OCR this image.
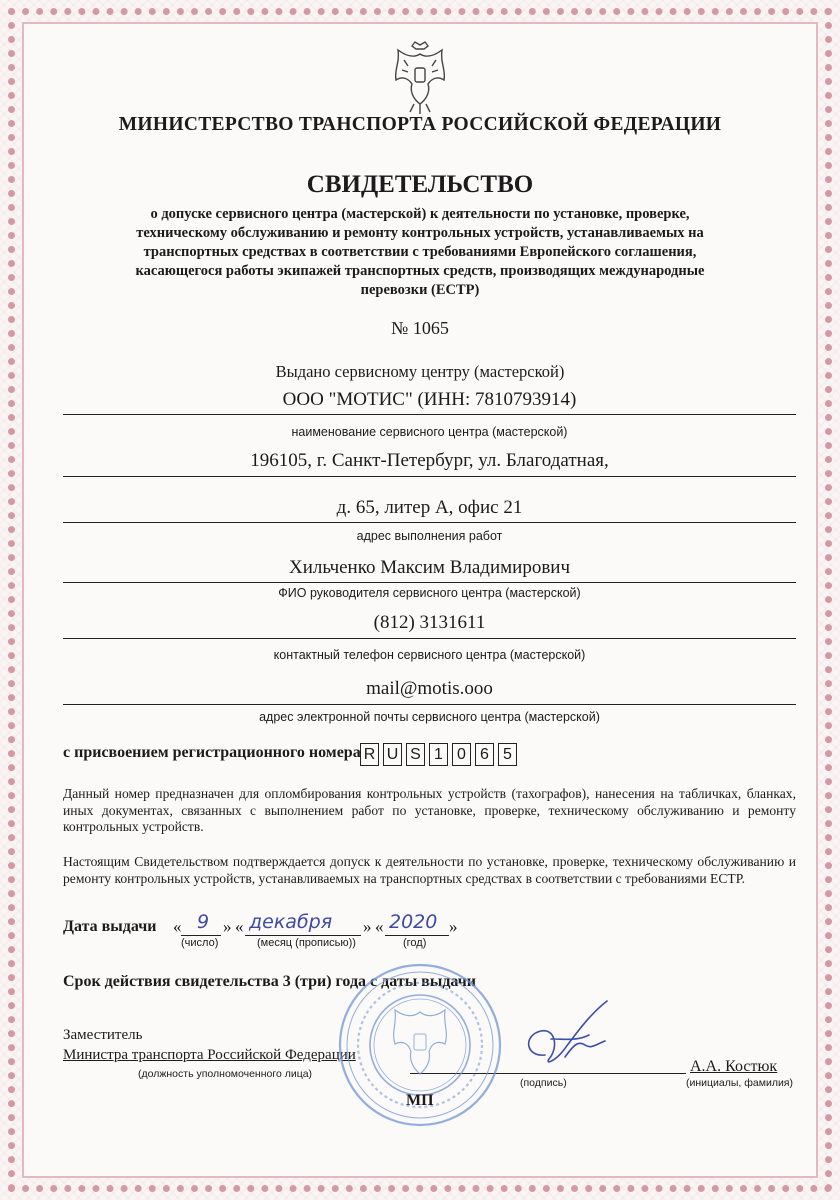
МИНИСТЕРСТВО ТРАНСПОРТА РОССИЙСКОЙ ФЕДЕРАЦИИ
СВИДЕТЕЛЬСТВО
о допуске сервисного центра (мастерской) к деятельности по установке, проверке,
техническому обслуживанию и ремонту контрольных устройств, устанавливаемых на
транспортных средствах в соответствии с требованиями Европейского соглашения,
касающегося работы экипажей транспортных средств, производящих международные
перевозки (ЕСТР)
№ 1065
Выдано сервисному центру (мастерской)
ООО "МОТИС" (ИНН: 7810793914)
наименование сервисного центра (мастерской)
196105, г. Санкт-Петербург, ул. Благодатная,
д. 65, литер А, офис 21
адрес выполнения работ
Хильченко Максим Владимирович
ФИО руководителя сервисного центра (мастерской)
(812) 3131611
контактный телефон сервисного центра (мастерской)
mail@motis.ooo
адрес электронной почты сервисного центра (мастерской)
с присвоением регистрационного номера R U S 1 0 6 5
Данный номер предназначен для опломбирования контрольных устройств (тахографов), нанесения на табличках, бланках, иных документах, связанных с выполнением работ по установке, проверке, техническому обслуживанию и ремонту контрольных устройств.
Настоящим Свидетельством подтверждается допуск к деятельности по установке, проверке, техническому обслуживанию и ремонту контрольных устройств, устанавливаемых на транспортных средствах в соответствии с требованиями ЕСТР.
Дата выдачи « 9
(число)
» « декабря
(месяц (прописью))
» « 2020
(год)
»
Срок действия свидетельства 3 (три) года с даты выдачи
Заместитель
Министра транспорта Российской Федерации
(должность уполномоченного лица)
(подпись)
А.А. Костюк
(инициалы, фамилия)
МП
